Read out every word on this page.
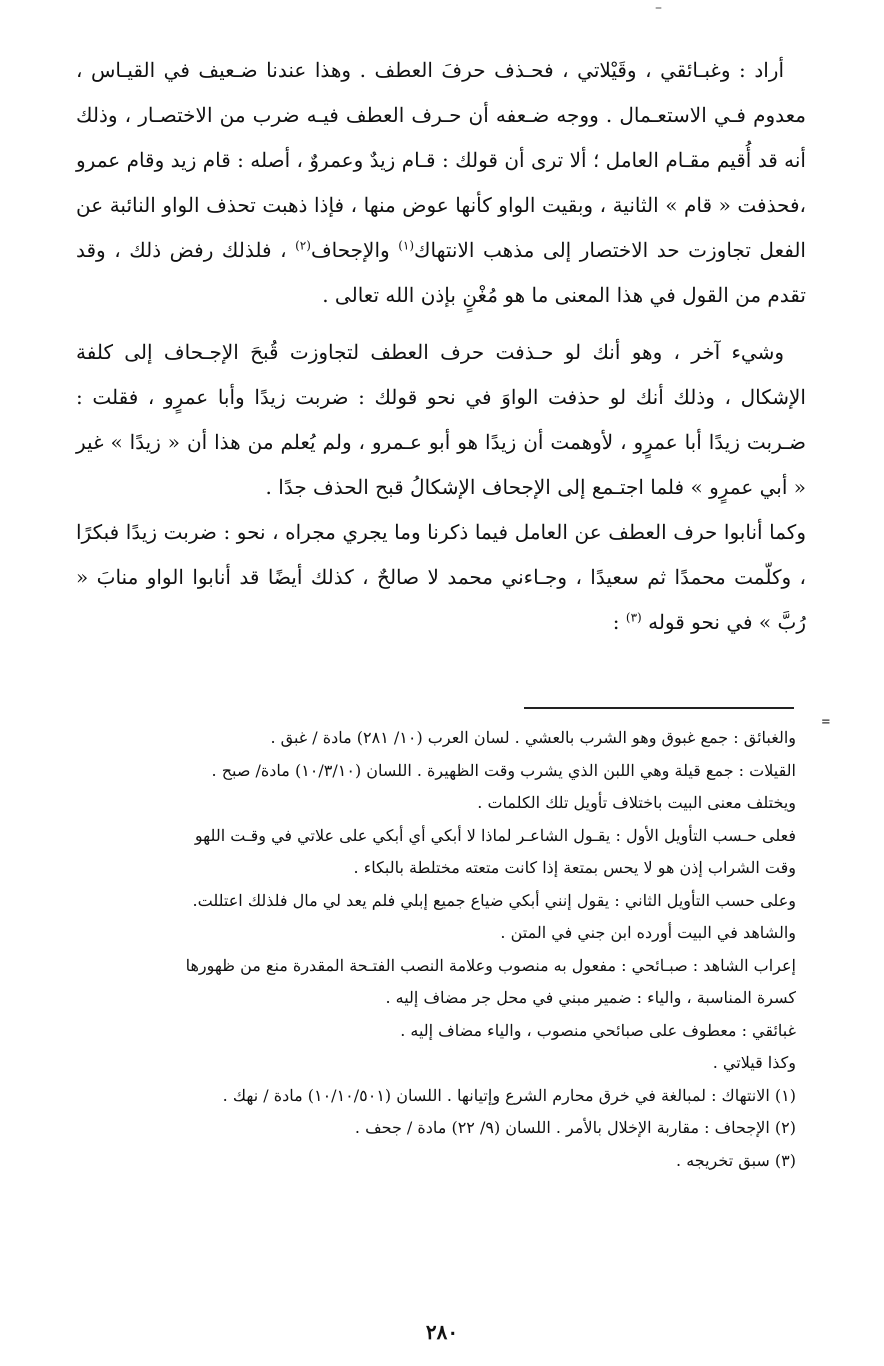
–

أراد : وغبـائقي ، وقَيْلاتي ، فحـذف حرفَ العطف . وهذا عندنا ضـعيف في القيـاس ، معدوم فـي الاستعـمال . ووجه ضـعفه أن حـرف العطف فيـه ضرب من الاختصـار ، وذلك أنه قد أُقيم مقـام العامل ؛ ألا ترى أن قولك : قـام زيدٌ وعمروٌ ، أصله : قام زيد وقام عمرو ،فحذفت « قام » الثانية ، وبقيت الواو كأنها عوض منها ، فإذا ذهبت تحذف الواو النائبة عن الفعل تجاوزت حد الاختصار إلى مذهب الانتهاك$^{(١)}$ والإجحاف$^{(٢)}$ ، فلذلك رفض ذلك ، وقد تقدم من القول في هذا المعنى ما هو مُغْنٍ بإذن الله تعالى .

وشيء آخر ، وهو أنك لو حـذفت حرف العطف لتجاوزت قُبحَ الإجـحاف إلى كلفة الإشكال ، وذلك أنك لو حذفت الواوَ في نحو قولك : ضربت زيدًا وأبا عمرٍو ، فقلت : ضـربت زيدًا أبا عمرٍو ، لأوهمت أن زيدًا هو أبو عـمرو ، ولم يُعلم من هذا أن « زيدًا » غير « أبي عمرٍو » فلما اجتـمع إلى الإجحاف الإشكالُ قبح الحذف جدًا .

وكما أنابوا حرف العطف عن العامل فيما ذكرنا وما يجري مجراه ، نحو : ضربت زيدًا فبكرًا ، وكلّمت محمدًا ثم سعيدًا ، وجـاءني محمد لا صالحٌ ، كذلك أيضًا قد أنابوا الواو منابَ « رُبَّ » في نحو قوله $^{(٣)}$ :

=

والغبائق : جمع غبوق وهو الشرب بالعشي . لسان العرب (١٠/ ٢٨١) مادة / غبق .

القيلات : جمع قيلة وهي اللبن الذي يشرب وقت الظهيرة . اللسان (١٠/٣/١٠) مادة/ صبح .

ويختلف معنى البيت باختلاف تأويل تلك الكلمات .

فعلى حـسب التأويل الأول : يقـول الشاعـر لماذا لا أبكي أي أبكي على علاتي في وقـت اللهو

وقت الشراب إذن هو لا يحس بمتعة إذا كانت متعته مختلطة بالبكاء .

وعلى حسب التأويل الثاني : يقول إنني أبكي ضياع جميع إبلي فلم يعد لي مال فلذلك اعتللت.

والشاهد في البيت أورده ابن جني في المتن .

إعراب الشاهد : صبـائحي : مفعول به منصوب وعلامة النصب الفتـحة المقدرة منع من ظهورها

كسرة المناسبة ، والياء : ضمير مبني في محل جر مضاف إليه .

غبائقي : معطوف على صبائحي منصوب ، والياء مضاف إليه .

وكذا قيلاتي .

(١) الانتهاك : لمبالغة في خرق محارم الشرع وإتيانها . اللسان (١٠/١٠/٥٠١) مادة / نهك .

(٢) الإجحاف : مقاربة الإخلال بالأمر . اللسان (٩/ ٢٢) مادة / جحف .

(٣) سبق تخريجه .

٢٨٠
